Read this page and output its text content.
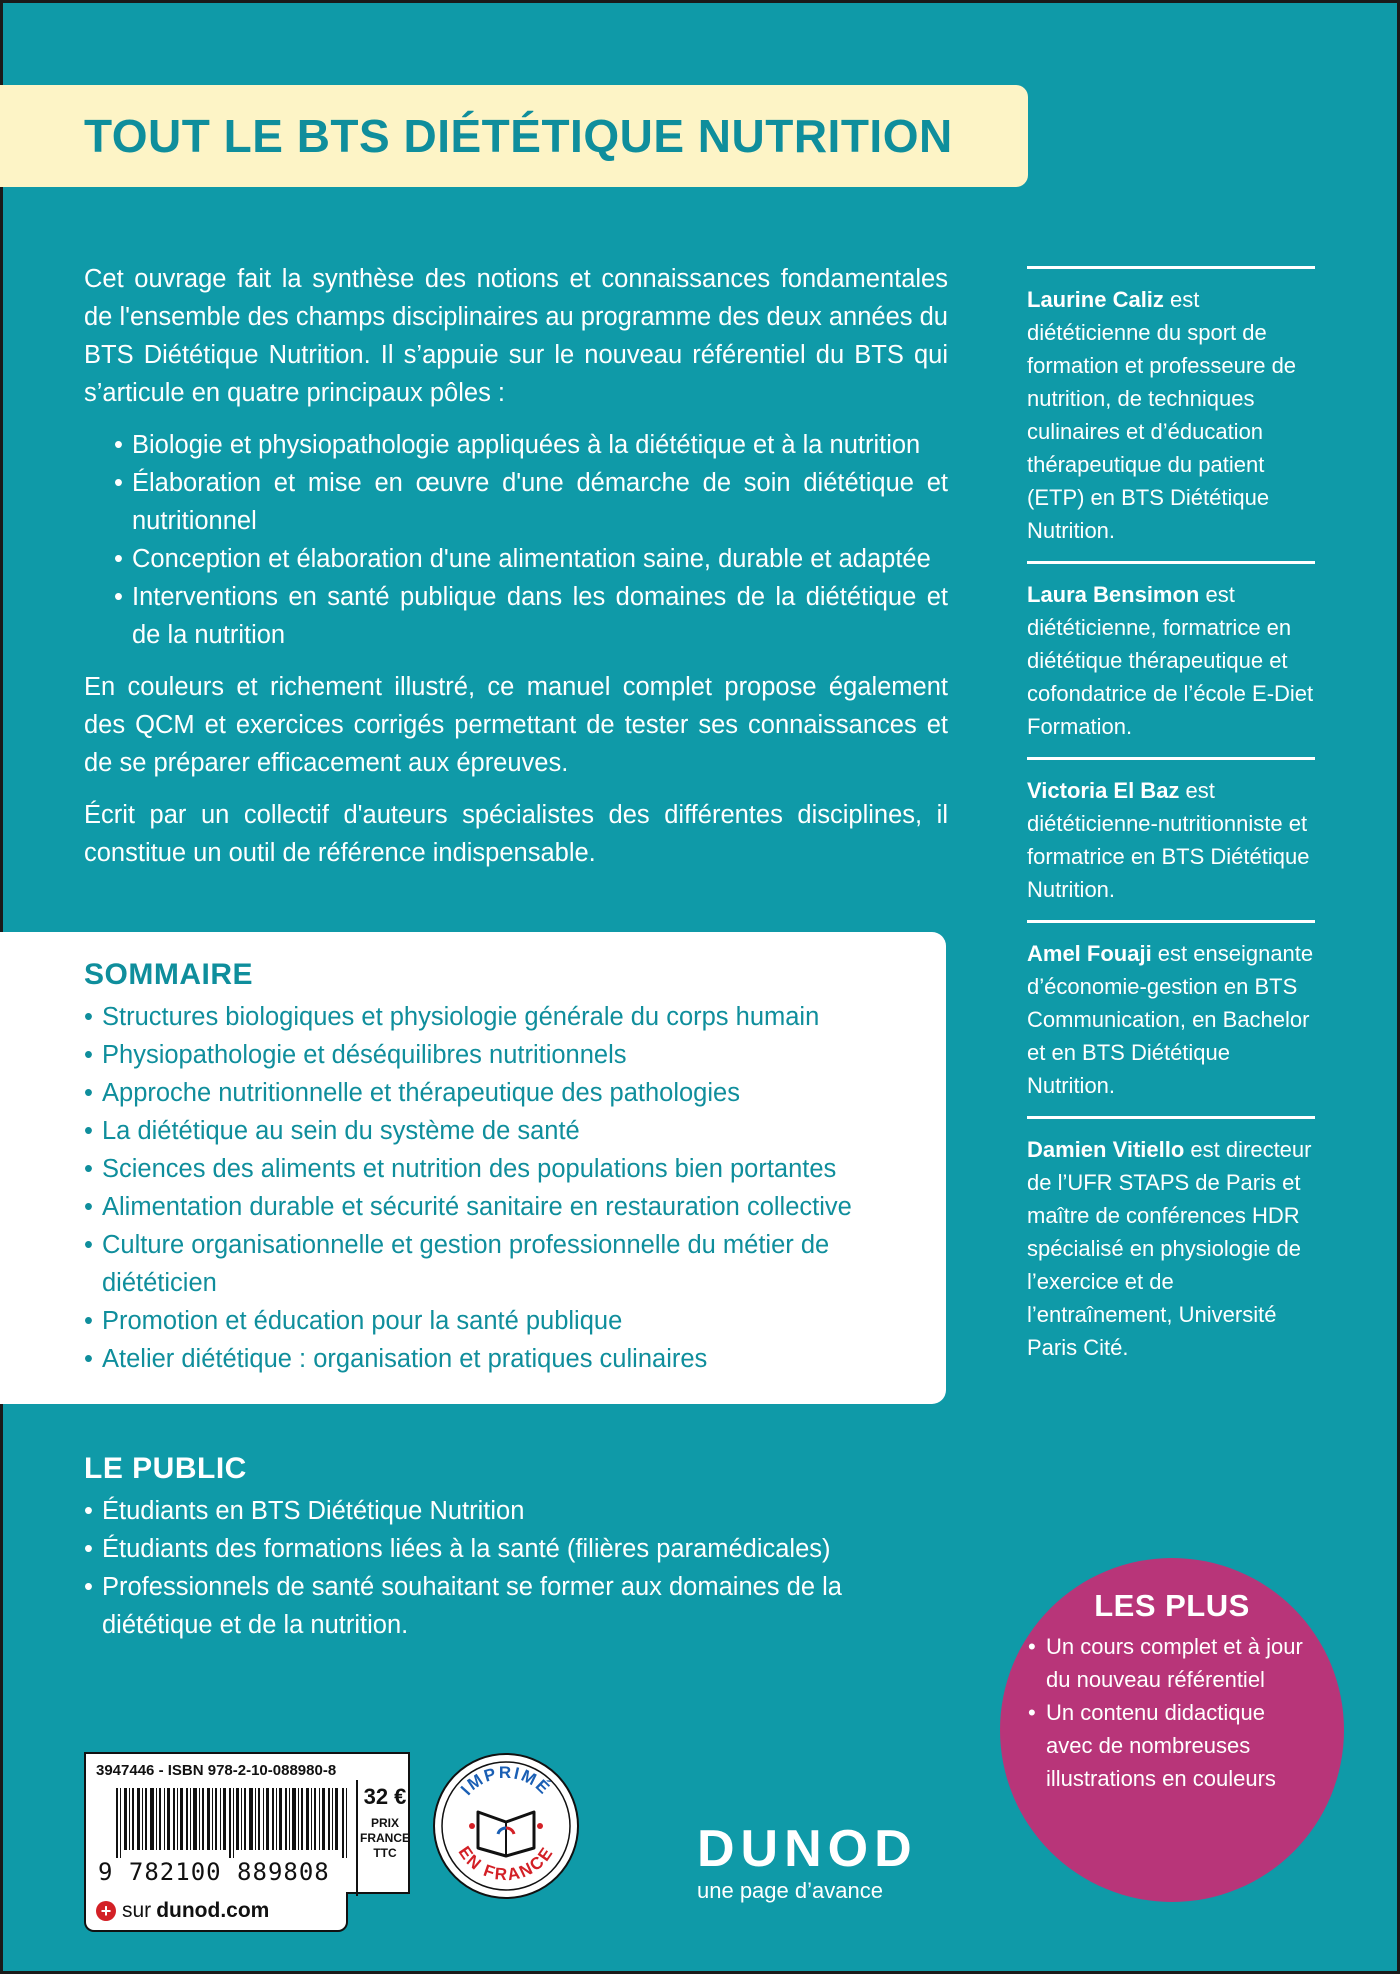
TOUT LE BTS DIÉTÉTIQUE NUTRITION

Cet ouvrage fait la synthèse des notions et connaissances fondamentales de l'ensemble des champs disciplinaires au programme des deux années du BTS Diététique Nutrition. Il s’appuie sur le nouveau référentiel du BTS qui s’articule en quatre principaux pôles :

• Biologie et physiopathologie appliquées à la diététique et à la nutrition
• Élaboration et mise en œuvre d'une démarche de soin diététique et nutritionnel
• Conception et élaboration d'une alimentation saine, durable et adaptée
• Interventions en santé publique dans les domaines de la diététique et de la nutrition

En couleurs et richement illustré, ce manuel complet propose également des QCM et exercices corrigés permettant de tester ses connaissances et de se préparer efficacement aux épreuves.

Écrit par un collectif d'auteurs spécialistes des différentes disciplines, il constitue un outil de référence indispensable.

SOMMAIRE
• Structures biologiques et physiologie générale du corps humain
• Physiopathologie et déséquilibres nutritionnels
• Approche nutritionnelle et thérapeutique des pathologies
• La diététique au sein du système de santé
• Sciences des aliments et nutrition des populations bien portantes
• Alimentation durable et sécurité sanitaire en restauration collective
• Culture organisationnelle et gestion professionnelle du métier de diététicien
• Promotion et éducation pour la santé publique
• Atelier diététique : organisation et pratiques culinaires
LE PUBLIC
• Étudiants en BTS Diététique Nutrition
• Étudiants des formations liées à la santé (filières paramédicales)
• Professionnels de santé souhaitant se former aux domaines de la diététique et de la nutrition.
Laurine Caliz est diététicienne du sport de formation et professeure de nutrition, de techniques culinaires et d’éducation thérapeutique du patient (ETP) en BTS Diététique Nutrition.
Laura Bensimon est diététicienne, formatrice en diététique thérapeutique et cofondatrice de l’école E-Diet Formation.
Victoria El Baz est diététicienne-nutritionniste et formatrice en BTS Diététique Nutrition.
Amel Fouaji est enseignante d’économie-gestion en BTS Communication, en Bachelor et en BTS Diététique Nutrition.
Damien Vitiello est directeur de l’UFR STAPS de Paris et maître de conférences HDR spécialisé en physiologie de l’exercice et de l’entraînement, Université Paris Cité.
LES PLUS
• Un cours complet et à jour du nouveau référentiel
• Un contenu didactique avec de nombreuses illustrations en couleurs
3947446 - ISBN 978-2-10-088980-8
9 782100 889808
32 €
PRIX
FRANCE
TTC
+ sur dunod.com
IMPRIMÉ
EN FRANCE	DUNOD
une page d’avance
